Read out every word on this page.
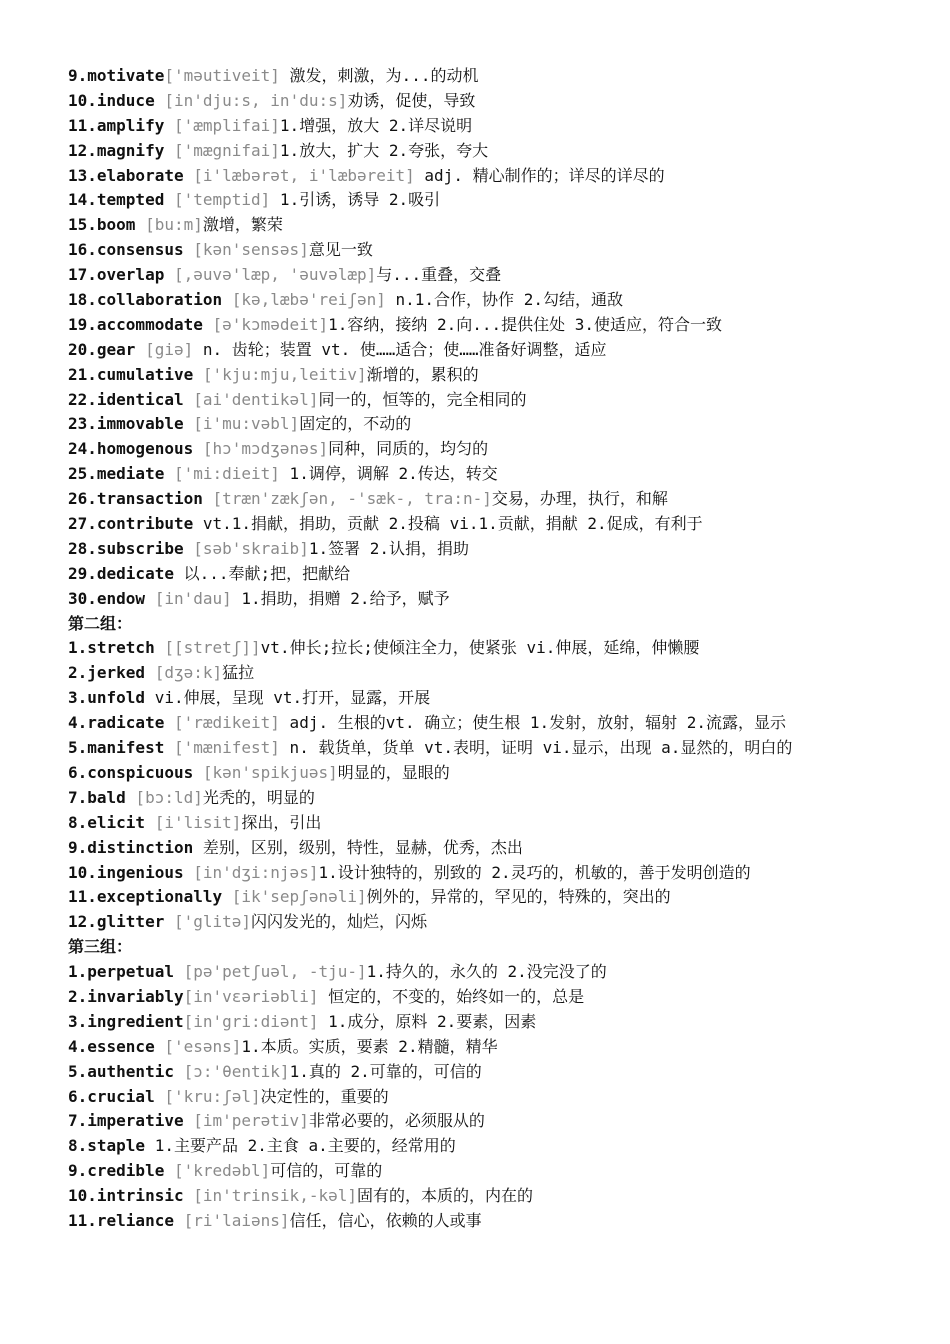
9.motivate['məutiveit] 激发，刺激，为...的动机
10.induce [in'dju:s, in'du:s]劝诱，促使，导致
11.amplify ['æmplifai]1.增强，放大 2.详尽说明
12.magnify ['mægnifai]1.放大，扩大 2.夸张，夸大
13.elaborate [i'læbərət, i'læbəreit] adj. 精心制作的；详尽的详尽的
14.tempted ['temptid] 1.引诱，诱导 2.吸引
15.boom [bu:m]激增，繁荣
16.consensus [kən'sensəs]意见一致
17.overlap [,əuvə'læp, 'əuvəlæp]与...重叠，交叠
18.collaboration [kə,læbə'reiʃən] n.1.合作，协作 2.勾结，通敌
19.accommodate [ə'kɔmədeit]1.容纳，接纳 2.向...提供住处 3.使适应，符合一致
20.gear [giə] n. 齿轮；装置 vt. 使……适合；使……准备好调整，适应
21.cumulative ['kju:mju,leitiv]渐增的，累积的
22.identical [ai'dentikəl]同一的，恒等的，完全相同的
23.immovable [i'mu:vəbl]固定的，不动的
24.homogenous [hɔ'mɔdʒənəs]同种，同质的，均匀的
25.mediate ['mi:dieit] 1.调停，调解 2.传达，转交
26.transaction [træn'zækʃən, -'sæk-, tra:n-]交易，办理，执行，和解
27.contribute vt.1.捐献，捐助，贡献 2.投稿 vi.1.贡献，捐献 2.促成，有利于
28.subscribe [səb'skraib]1.签署 2.认捐，捐助
29.dedicate 以...奉献;把，把献给
30.endow [in'dau] 1.捐助，捐赠 2.给予，赋予
第二组：
1.stretch [[stretʃ]]vt.伸长;拉长;使倾注全力，使紧张 vi.伸展，延绵，伸懒腰
2.jerked [dʒə:k]猛拉
3.unfold vi.伸展，呈现 vt.打开，显露，开展
4.radicate ['rædikeit] adj. 生根的vt. 确立；使生根 1.发射，放射，辐射 2.流露，显示
5.manifest ['mænifest] n. 载货单，货单 vt.表明，证明 vi.显示，出现 a.显然的，明白的
6.conspicuous [kən'spikjuəs]明显的，显眼的
7.bald [bɔ:ld]光秃的，明显的
8.elicit [i'lisit]探出，引出
9.distinction 差别，区别，级别，特性，显赫，优秀，杰出
10.ingenious [in'dʒi:njəs]1.设计独特的，别致的 2.灵巧的，机敏的，善于发明创造的
11.exceptionally [ik'sepʃənəli]例外的，异常的，罕见的，特殊的，突出的
12.glitter ['glitə]闪闪发光的，灿烂，闪烁
第三组：
1.perpetual [pə'petʃuəl, -tju-]1.持久的，永久的 2.没完没了的
2.invariably[in'vɛəriəbli] 恒定的，不变的，始终如一的，总是
3.ingredient[in'gri:diənt] 1.成分，原料 2.要素，因素
4.essence ['esəns]1.本质。实质，要素 2.精髓，精华
5.authentic [ɔ:'θentik]1.真的 2.可靠的，可信的
6.crucial ['kru:ʃəl]决定性的，重要的
7.imperative [im'perətiv]非常必要的，必须服从的
8.staple 1.主要产品 2.主食 a.主要的，经常用的
9.credible ['kredəbl]可信的，可靠的
10.intrinsic [in'trinsik,-kəl]固有的，本质的，内在的
11.reliance [ri'laiəns]信任，信心，依赖的人或事
